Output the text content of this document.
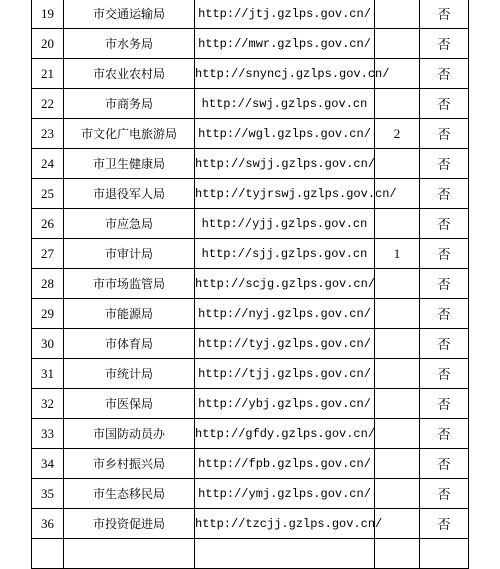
19	市交通运输局	http://jtj.gzlps.gov.cn/		否
20	市水务局	http://mwr.gzlps.gov.cn/		否
21	市农业农村局	http://snyncj.gzlps.gov.cn/		否
22	市商务局	http://swj.gzlps.gov.cn		否
23	市文化广电旅游局	http://wgl.gzlps.gov.cn/	2	否
24	市卫生健康局	http://swjj.gzlps.gov.cn/		否
25	市退役军人局	http://tyjrswj.gzlps.gov.cn/		否
26	市应急局	http://yjj.gzlps.gov.cn		否
27	市审计局	http://sjj.gzlps.gov.cn	1	否
28	市市场监管局	http://scjg.gzlps.gov.cn/		否
29	市能源局	http://nyj.gzlps.gov.cn/		否
30	市体育局	http://tyj.gzlps.gov.cn/		否
31	市统计局	http://tjj.gzlps.gov.cn/		否
32	市医保局	http://ybj.gzlps.gov.cn/		否
33	市国防动员办	http://gfdy.gzlps.gov.cn/		否
34	市乡村振兴局	http://fpb.gzlps.gov.cn/		否
35	市生态移民局	http://ymj.gzlps.gov.cn/		否
36	市投资促进局	http://tzcjj.gzlps.gov.cn/		否
